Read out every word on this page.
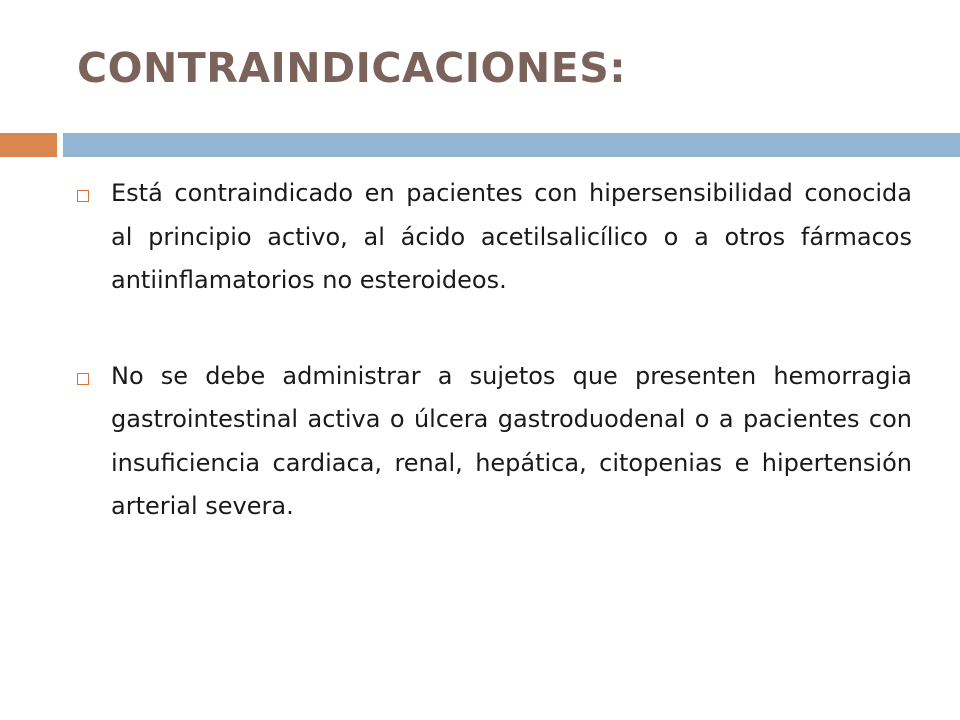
CONTRAINDICACIONES:
Está contraindicado en pacientes con hipersensibilidad conocida al principio activo, al ácido acetilsalicílico o a otros fármacos antiinflamatorios no esteroideos.
No se debe administrar a sujetos que presenten hemorragia gastrointestinal activa o úlcera gastroduodenal o a pacientes con insuficiencia cardiaca, renal, hepática, citopenias e hipertensión arterial severa.
